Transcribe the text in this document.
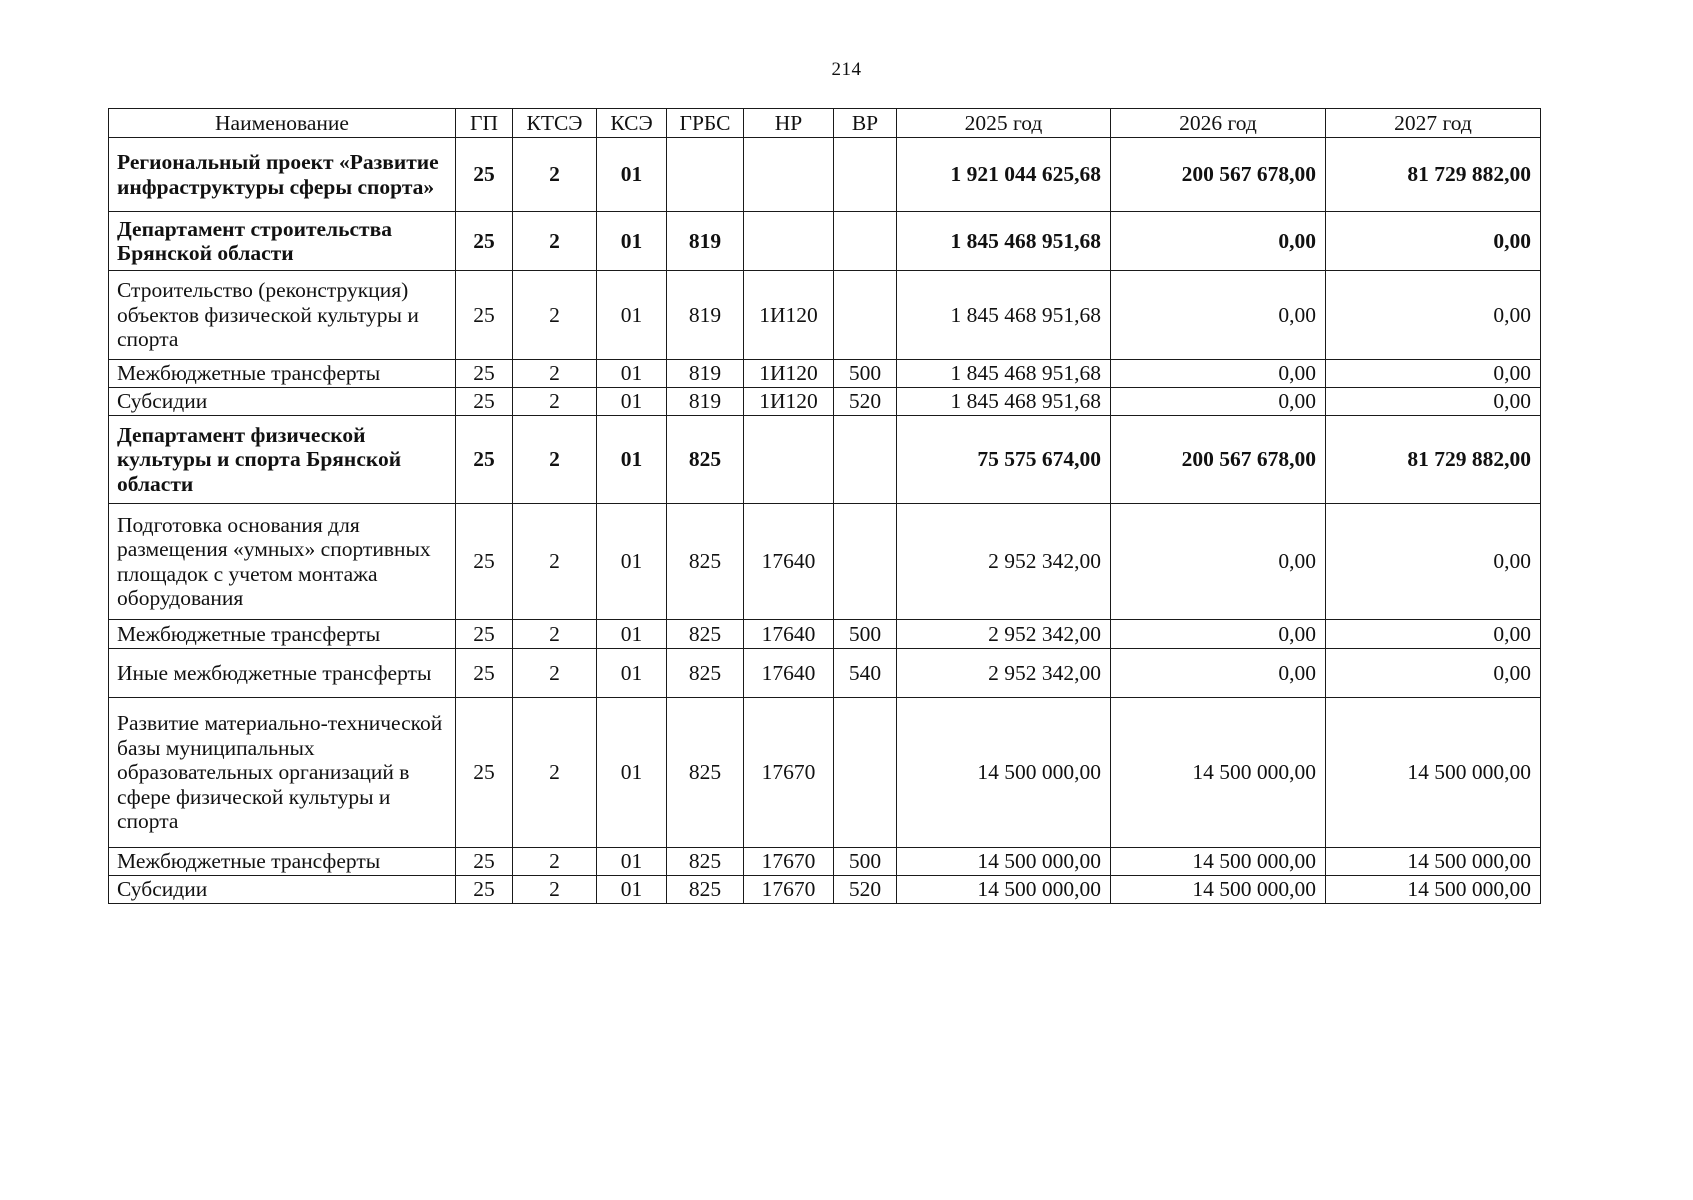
214
Наименование	ГП	КТСЭ	КСЭ	ГРБС	НР	ВР	2025 год	2026 год	2027 год
Региональный проект «Развитие инфраструктуры сферы спорта»	25	2	01				1 921 044 625,68	200 567 678,00	81 729 882,00
Департамент строительства Брянской области	25	2	01	819			1 845 468 951,68	0,00	0,00
Строительство (реконструкция) объектов физической культуры и спорта	25	2	01	819	1И120		1 845 468 951,68	0,00	0,00
Межбюджетные трансферты	25	2	01	819	1И120	500	1 845 468 951,68	0,00	0,00
Субсидии	25	2	01	819	1И120	520	1 845 468 951,68	0,00	0,00
Департамент физической культуры и спорта Брянской области	25	2	01	825			75 575 674,00	200 567 678,00	81 729 882,00
Подготовка основания для размещения «умных» спортивных площадок с учетом монтажа оборудования	25	2	01	825	17640		2 952 342,00	0,00	0,00
Межбюджетные трансферты	25	2	01	825	17640	500	2 952 342,00	0,00	0,00
Иные межбюджетные трансферты	25	2	01	825	17640	540	2 952 342,00	0,00	0,00
Развитие материально-технической базы муниципальных образовательных организаций в сфере физической культуры и спорта	25	2	01	825	17670		14 500 000,00	14 500 000,00	14 500 000,00
Межбюджетные трансферты	25	2	01	825	17670	500	14 500 000,00	14 500 000,00	14 500 000,00
Субсидии	25	2	01	825	17670	520	14 500 000,00	14 500 000,00	14 500 000,00
